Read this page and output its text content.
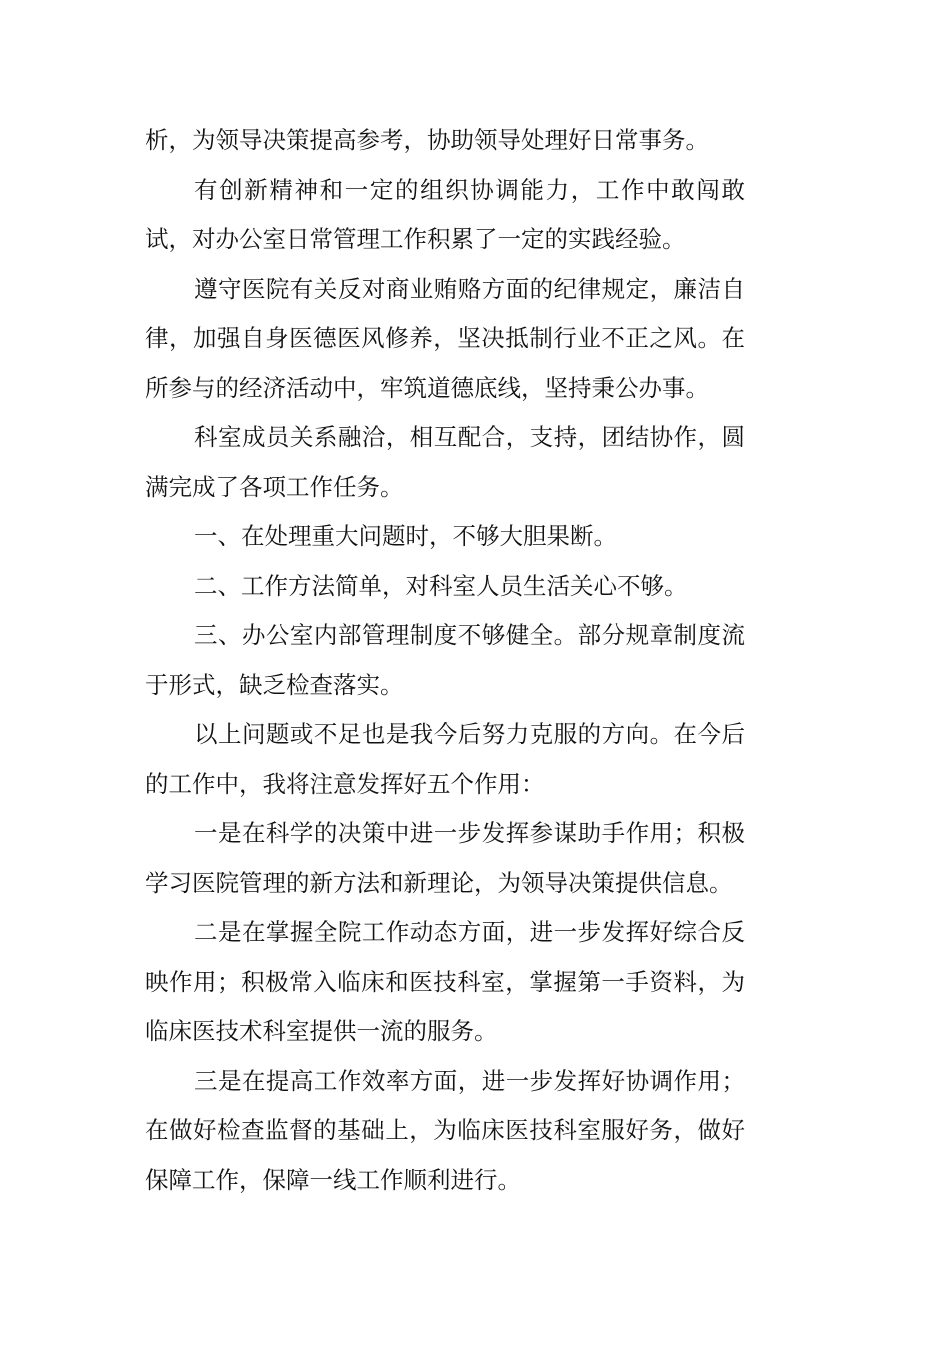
析，为领导决策提高参考，协助领导处理好日常事务。

有创新精神和一定的组织协调能力，工作中敢闯敢试，对办公室日常管理工作积累了一定的实践经验。

遵守医院有关反对商业贿赂方面的纪律规定，廉洁自律，加强自身医德医风修养，坚决抵制行业不正之风。在所参与的经济活动中，牢筑道德底线，坚持秉公办事。

科室成员关系融洽，相互配合，支持，团结协作，圆满完成了各项工作任务。

一、在处理重大问题时，不够大胆果断。

二、工作方法简单，对科室人员生活关心不够。

三、办公室内部管理制度不够健全。部分规章制度流于形式，缺乏检查落实。

以上问题或不足也是我今后努力克服的方向。在今后的工作中，我将注意发挥好五个作用：

一是在科学的决策中进一步发挥参谋助手作用；积极学习医院管理的新方法和新理论，为领导决策提供信息。

二是在掌握全院工作动态方面，进一步发挥好综合反映作用；积极常入临床和医技科室，掌握第一手资料，为临床医技术科室提供一流的服务。

三是在提高工作效率方面，进一步发挥好协调作用；在做好检查监督的基础上，为临床医技科室服好务，做好保障工作，保障一线工作顺利进行。
